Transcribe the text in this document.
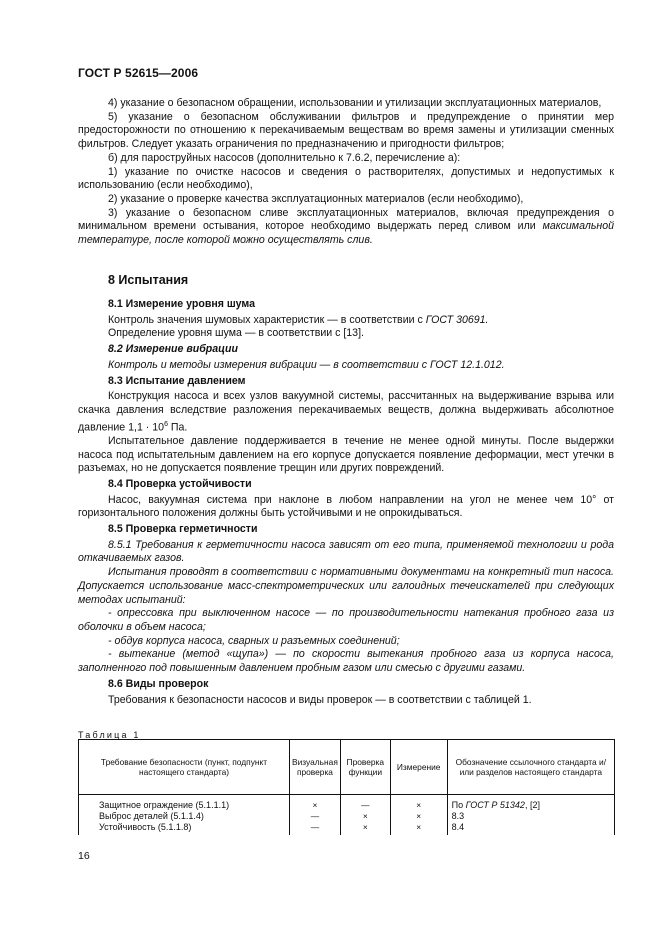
ГОСТ Р 52615—2006

4) указание о безопасном обращении, использовании и утилизации эксплуатационных материалов,

5) указание о безопасном обслуживании фильтров и предупреждение о принятии мер предосторожности по отношению к перекачиваемым веществам во время замены и утилизации сменных фильтров. Следует указать ограничения по предназначению и пригодности фильтров;

б) для пароструйных насосов (дополнительно к 7.6.2, перечисление а):

1) указание по очистке насосов и сведения о растворителях, допустимых и недопустимых к использованию (если необходимо),

2) указание о проверке качества эксплуатационных материалов (если необходимо),

3) указание о безопасном сливе эксплуатационных материалов, включая предупреждения о минимальном времени остывания, которое необходимо выдержать перед сливом или максимальной температуре, после которой можно осуществлять слив.

8 Испытания

8.1 Измерение уровня шума

Контроль значения шумовых характеристик — в соответствии с ГОСТ 30691.

Определение уровня шума — в соответствии с [13].

8.2 Измерение вибрации

Контроль и методы измерения вибрации — в соответствии с ГОСТ 12.1.012.

8.3 Испытание давлением

Конструкция насоса и всех узлов вакуумной системы, рассчитанных на выдерживание взрыва или скачка давления вследствие разложения перекачиваемых веществ, должна выдерживать абсолютное давление $1,1 \cdot 10^6$ Па.

Испытательное давление поддерживается в течение не менее одной минуты. После выдержки насоса под испытательным давлением на его корпусе допускается появление деформации, мест утечки в разъемах, но не допускается появление трещин или других повреждений.

8.4 Проверка устойчивости

Насос, вакуумная система при наклоне в любом направлении на угол не менее чем 10° от горизонтального положения должны быть устойчивыми и не опрокидываться.

8.5 Проверка герметичности

8.5.1 Требования к герметичности насоса зависят от его типа, применяемой технологии и рода откачиваемых газов.

Испытания проводят в соответствии с нормативными документами на конкретный тип насоса. Допускается использование масс-спектрометрических или галоидных течеискателей при следующих методах испытаний:

- опрессовка при выключенном насосе — по производительности натекания пробного газа из оболочки в объем насоса;

- обдув корпуса насоса, сварных и разъемных соединений;

- вытекание (метод «щупа») — по скорости вытекания пробного газа из корпуса насоса, заполненного под повышенным давлением пробным газом или смесью с другими газами.

8.6 Виды проверок

Требования к безопасности насосов и виды проверок — в соответствии с таблицей 1.

Таблица 1
Требование безопасности (пункт, подпункт настоящего стандарта)	Визуальная проверка	Проверка функции	Измерение	Обозначение ссылочного стандарта и/или разделов настоящего стандарта
Защитное ограждение (5.1.1.1)	×	—	×	По ГОСТ Р 51342, [2]
Выброс деталей (5.1.1.4)	—	×	×	8.3
Устойчивость (5.1.1.8)	—	×	×	8.4
16
